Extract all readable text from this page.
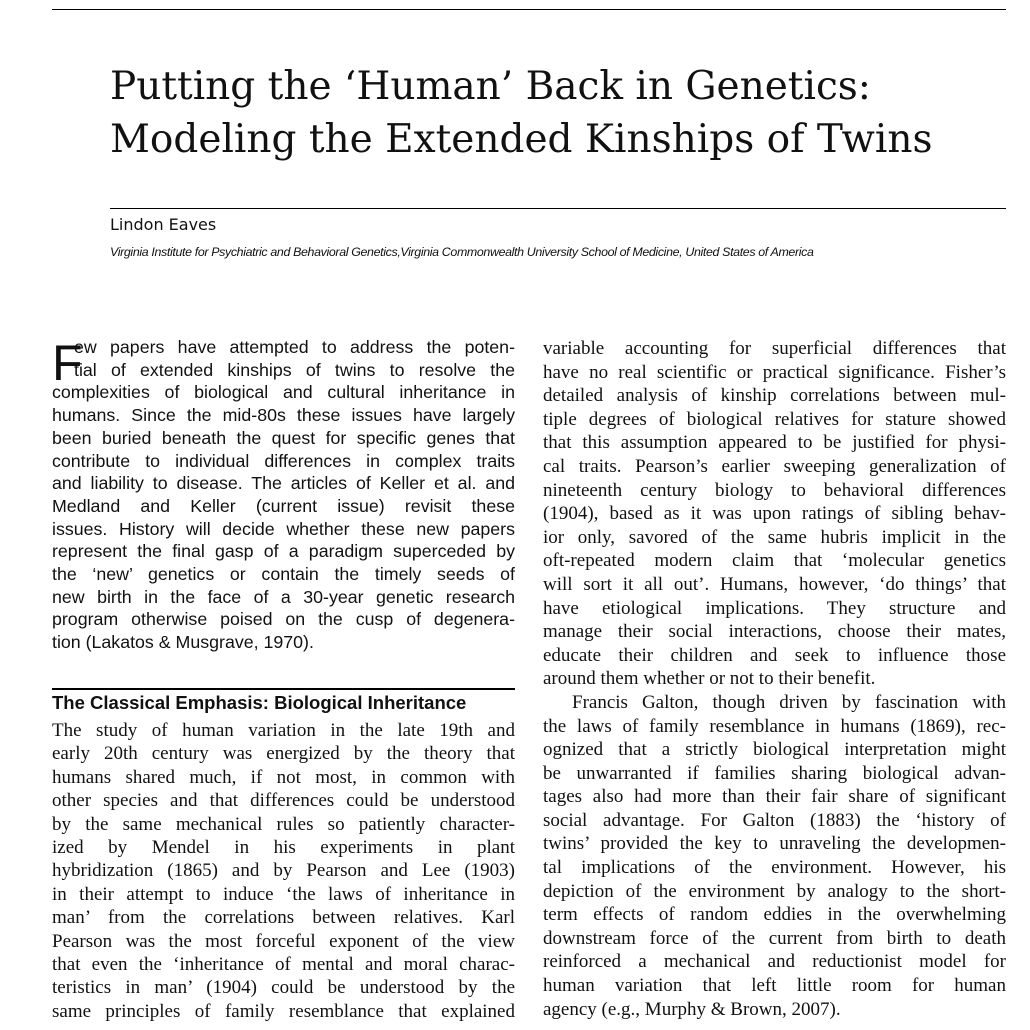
Putting the ‘Human’ Back in Genetics:
Modeling the Extended Kinships of Twins
Lindon Eaves
Virginia Institute for Psychiatric and Behavioral Genetics,Virginia Commonwealth University School of Medicine, United States of America
F
ew papers have attempted to address the poten-
tial of extended kinships of twins to resolve the
complexities of biological and cultural inheritance in
humans. Since the mid-80s these issues have largely
been buried beneath the quest for specific genes that
contribute to individual differences in complex traits
and liability to disease. The articles of Keller et al. and
Medland and Keller (current issue) revisit these
issues. History will decide whether these new papers
represent the final gasp of a paradigm superceded by
the ‘new’ genetics or contain the timely seeds of
new birth in the face of a 30-year genetic research
program otherwise poised on the cusp of degenera-
tion (Lakatos & Musgrave, 1970).
The Classical Emphasis: Biological Inheritance
The study of human variation in the late 19th and
early 20th century was energized by the theory that
humans shared much, if not most, in common with
other species and that differences could be understood
by the same mechanical rules so patiently character-
ized by Mendel in his experiments in plant
hybridization (1865) and by Pearson and Lee (1903)
in their attempt to induce ‘the laws of inheritance in
man’ from the correlations between relatives. Karl
Pearson was the most forceful exponent of the view
that even the ‘inheritance of mental and moral charac-
teristics in man’ (1904) could be understood by the
same principles of family resemblance that explained
variable accounting for superficial differences that
have no real scientific or practical significance. Fisher’s
detailed analysis of kinship correlations between mul-
tiple degrees of biological relatives for stature showed
that this assumption appeared to be justified for physi-
cal traits. Pearson’s earlier sweeping generalization of
nineteenth century biology to behavioral differences
(1904), based as it was upon ratings of sibling behav-
ior only, savored of the same hubris implicit in the
oft-repeated modern claim that ‘molecular genetics
will sort it all out’. Humans, however, ‘do things’ that
have etiological implications. They structure and
manage their social interactions, choose their mates,
educate their children and seek to influence those
around them whether or not to their benefit.
Francis Galton, though driven by fascination with
the laws of family resemblance in humans (1869), rec-
ognized that a strictly biological interpretation might
be unwarranted if families sharing biological advan-
tages also had more than their fair share of significant
social advantage. For Galton (1883) the ‘history of
twins’ provided the key to unraveling the developmen-
tal implications of the environment. However, his
depiction of the environment by analogy to the short-
term effects of random eddies in the overwhelming
downstream force of the current from birth to death
reinforced a mechanical and reductionist model for
human variation that left little room for human
agency (e.g., Murphy & Brown, 2007).
